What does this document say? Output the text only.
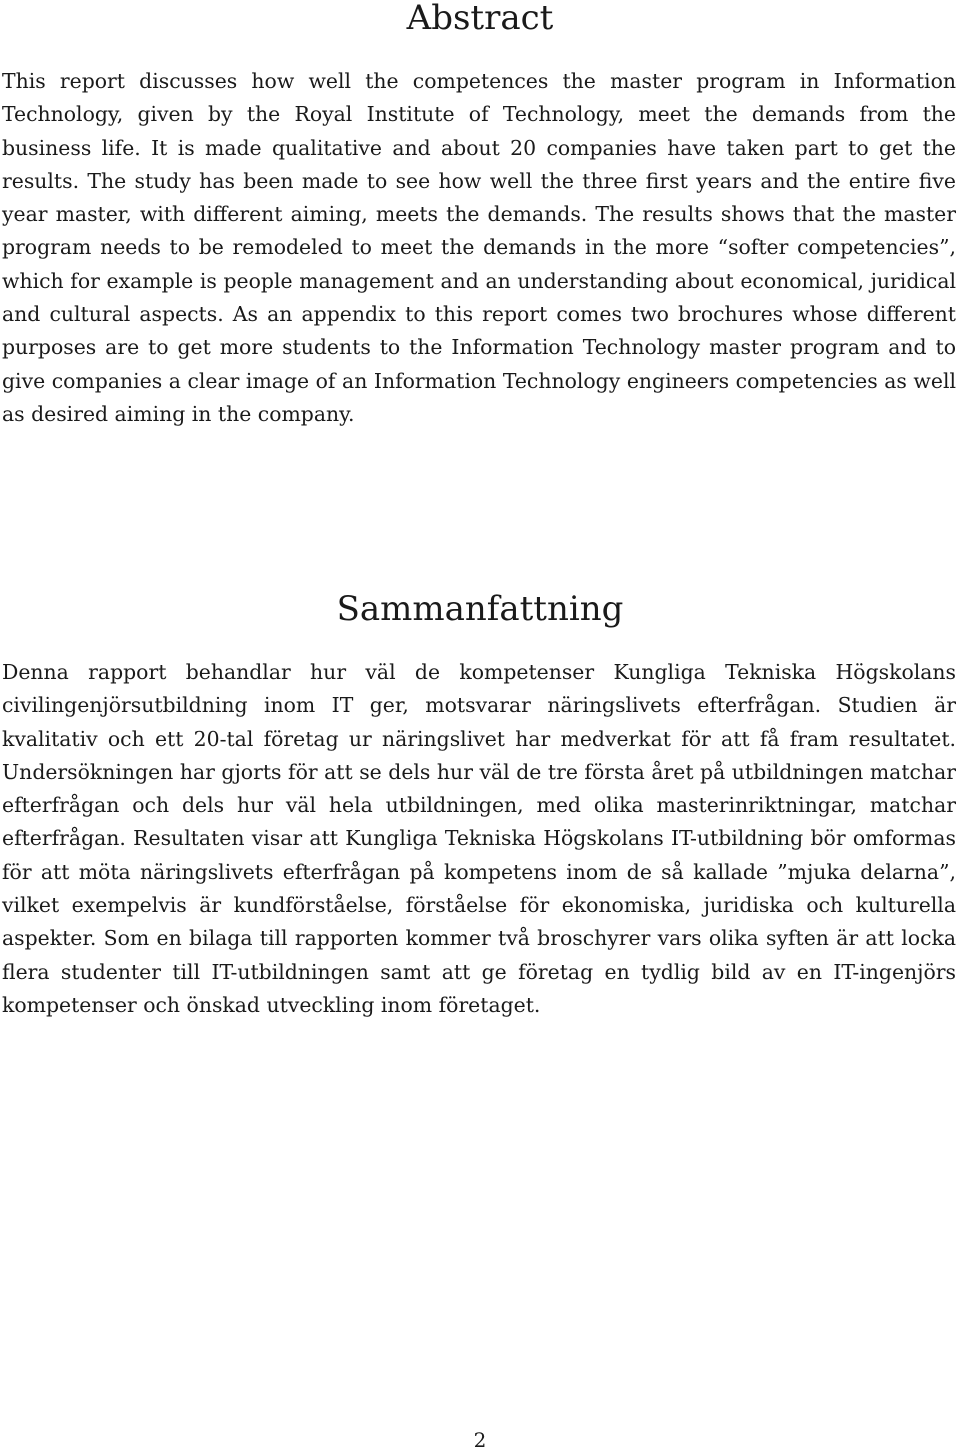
Abstract

This report discusses how well the competences the master program in Information Technology, given by the Royal Institute of Technology, meet the demands from the business life. It is made qualitative and about 20 companies have taken part to get the results. The study has been made to see how well the three first years and the entire five year master, with different aiming, meets the demands. The results shows that the master program needs to be remodeled to meet the demands in the more “softer competencies”, which for example is people management and an understanding about economical, juridical and cultural aspects. As an appendix to this report comes two brochures whose different purposes are to get more students to the Information Technology master program and to give companies a clear image of an Information Technology engineers competencies as well as desired aiming in the company.

Sammanfattning

Denna rapport behandlar hur väl de kompetenser Kungliga Tekniska Högskolans civilingenjörsutbildning inom IT ger, motsvarar näringslivets efterfrågan. Studien är kvalitativ och ett 20-tal företag ur näringslivet har medverkat för att få fram resultatet. Undersökningen har gjorts för att se dels hur väl de tre första året på utbildningen matchar efterfrågan och dels hur väl hela utbildningen, med olika masterinriktningar, matchar efterfrågan. Resultaten visar att Kungliga Tekniska Högskolans IT-utbildning bör omformas för att möta näringslivets efterfrågan på kompetens inom de så kallade ”mjuka delarna”, vilket exempelvis är kundförståelse, förståelse för ekonomiska, juridiska och kulturella aspekter. Som en bilaga till rapporten kommer två broschyrer vars olika syften är att locka flera studenter till IT-utbildningen samt att ge företag en tydlig bild av en IT-ingenjörs kompetenser och önskad utveckling inom företaget.

2
